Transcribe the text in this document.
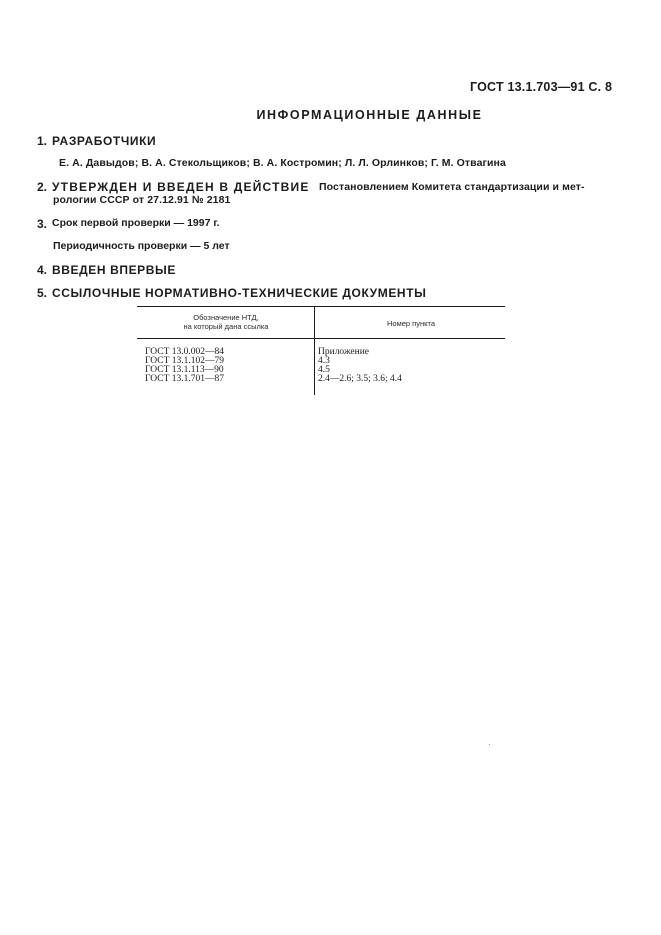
ГОСТ 13.1.703—91 С. 8
ИНФОРМАЦИОННЫЕ ДАННЫЕ
1. РАЗРАБОТЧИКИ
Е. А. Давыдов; В. А. Стекольщиков; В. А. Костромин; Л. Л. Орлинков; Г. М. Отвагина
2. УТВЕРЖДЕН И ВВЕДЕН В ДЕЙСТВИЕ Постановлением Комитета стандартизации и мет-
рологии СССР от 27.12.91 № 2181
3. Срок первой проверки — 1997 г.
Периодичность проверки — 5 лет
4. ВВЕДЕН ВПЕРВЫЕ
5. ССЫЛОЧНЫЕ НОРМАТИВНО-ТЕХНИЧЕСКИЕ ДОКУМЕНТЫ
Обозначение НТД,
на который дана ссылка	Номер пункта
ГОСТ 13.0.002—84	Приложение
ГОСТ 13.1.102—79	4.3
ГОСТ 13.1.113—90	4.5
ГОСТ 13.1.701—87	2.4—2.6; 3.5; 3.6; 4.4
